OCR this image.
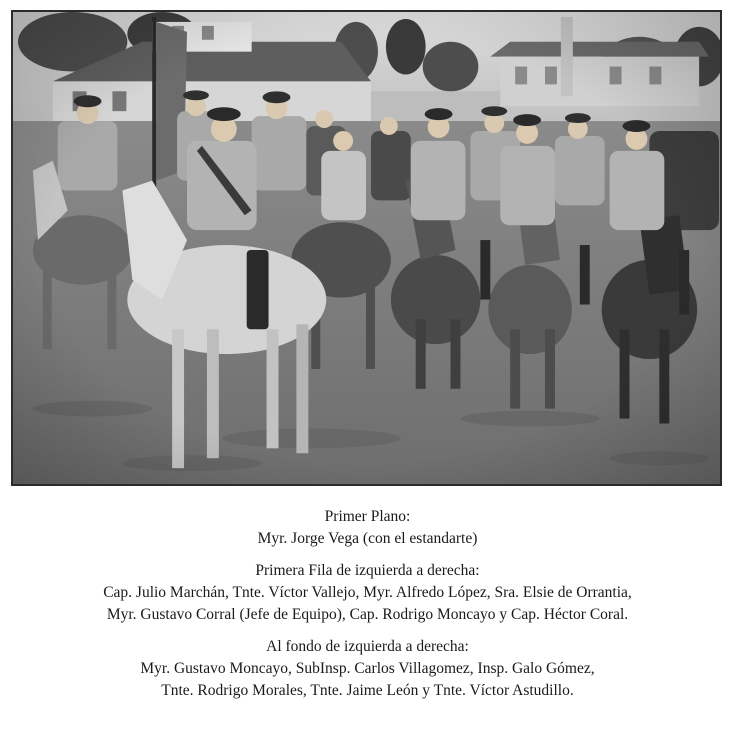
Primer Plano:
Myr. Jorge Vega (con el estandarte)
Primera Fila de izquierda a derecha:
Cap. Julio Marchán, Tnte. Víctor Vallejo, Myr. Alfredo López, Sra. Elsie de Orrantia,
Myr. Gustavo Corral (Jefe de Equipo), Cap. Rodrigo Moncayo y Cap. Héctor Coral.
Al fondo de izquierda a derecha:
Myr. Gustavo Moncayo, SubInsp. Carlos Villagomez, Insp. Galo Gómez,
Tnte. Rodrigo Morales, Tnte. Jaime León y Tnte. Víctor Astudillo.
